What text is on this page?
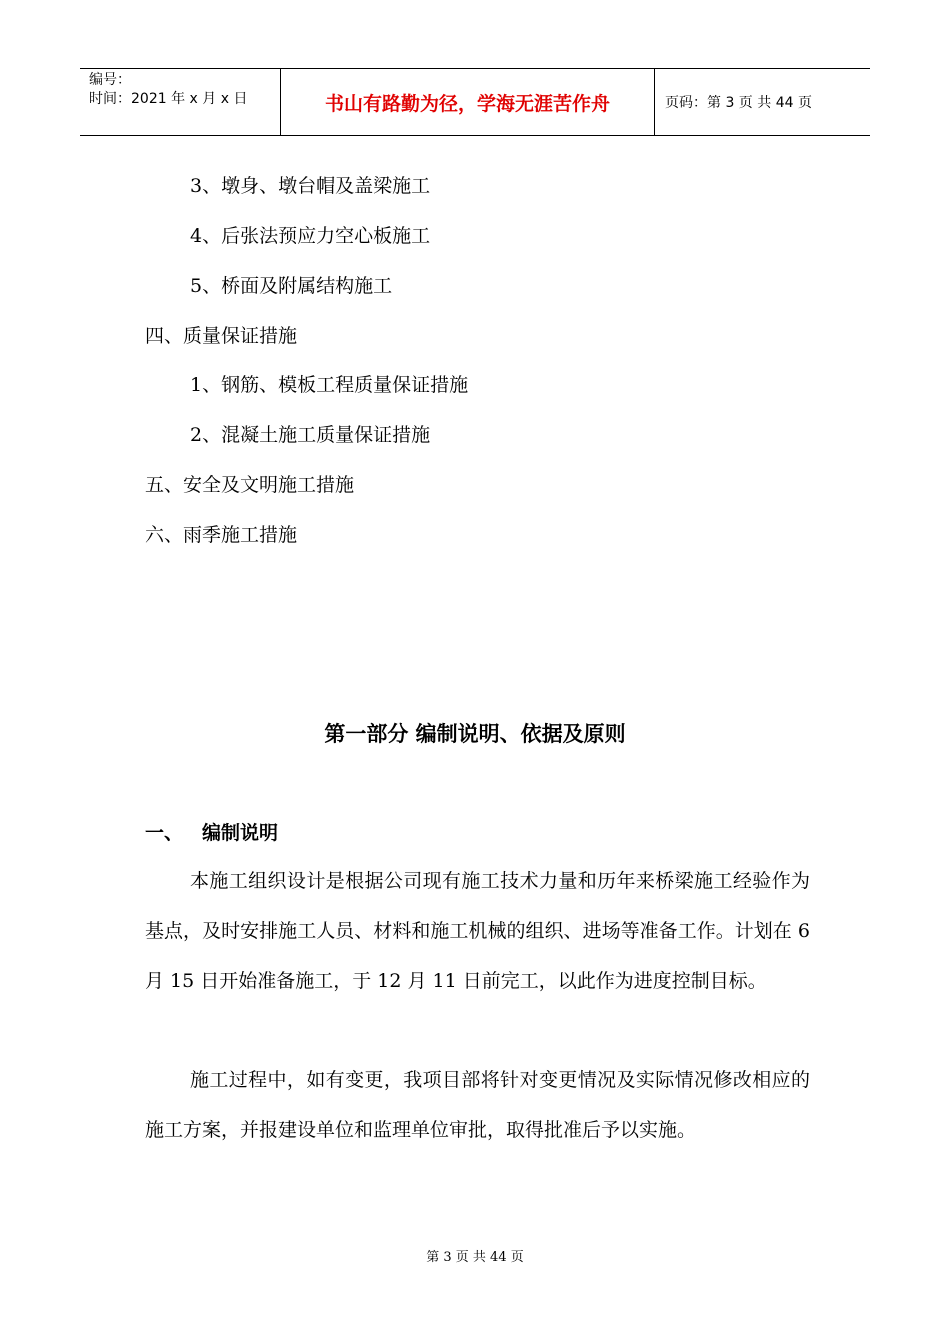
编号：
时间：2021 年 x 月 x 日	书山有路勤为径，学海无涯苦作舟	页码：第 3 页 共 44 页
3、墩身、墩台帽及盖梁施工
4、后张法预应力空心板施工
5、桥面及附属结构施工
四、质量保证措施
1、钢筋、模板工程质量保证措施
2、混凝土施工质量保证措施
五、安全及文明施工措施
六、雨季施工措施
第一部分 编制说明、依据及原则
一、 编制说明
本施工组织设计是根据公司现有施工技术力量和历年来桥梁施工经验作为基点，及时安排施工人员、材料和施工机械的组织、进场等准备工作。计划在 6 月 15 日开始准备施工，于 12 月 11 日前完工，以此作为进度控制目标。
施工过程中，如有变更，我项目部将针对变更情况及实际情况修改相应的施工方案，并报建设单位和监理单位审批，取得批准后予以实施。
第 3 页 共 44 页
